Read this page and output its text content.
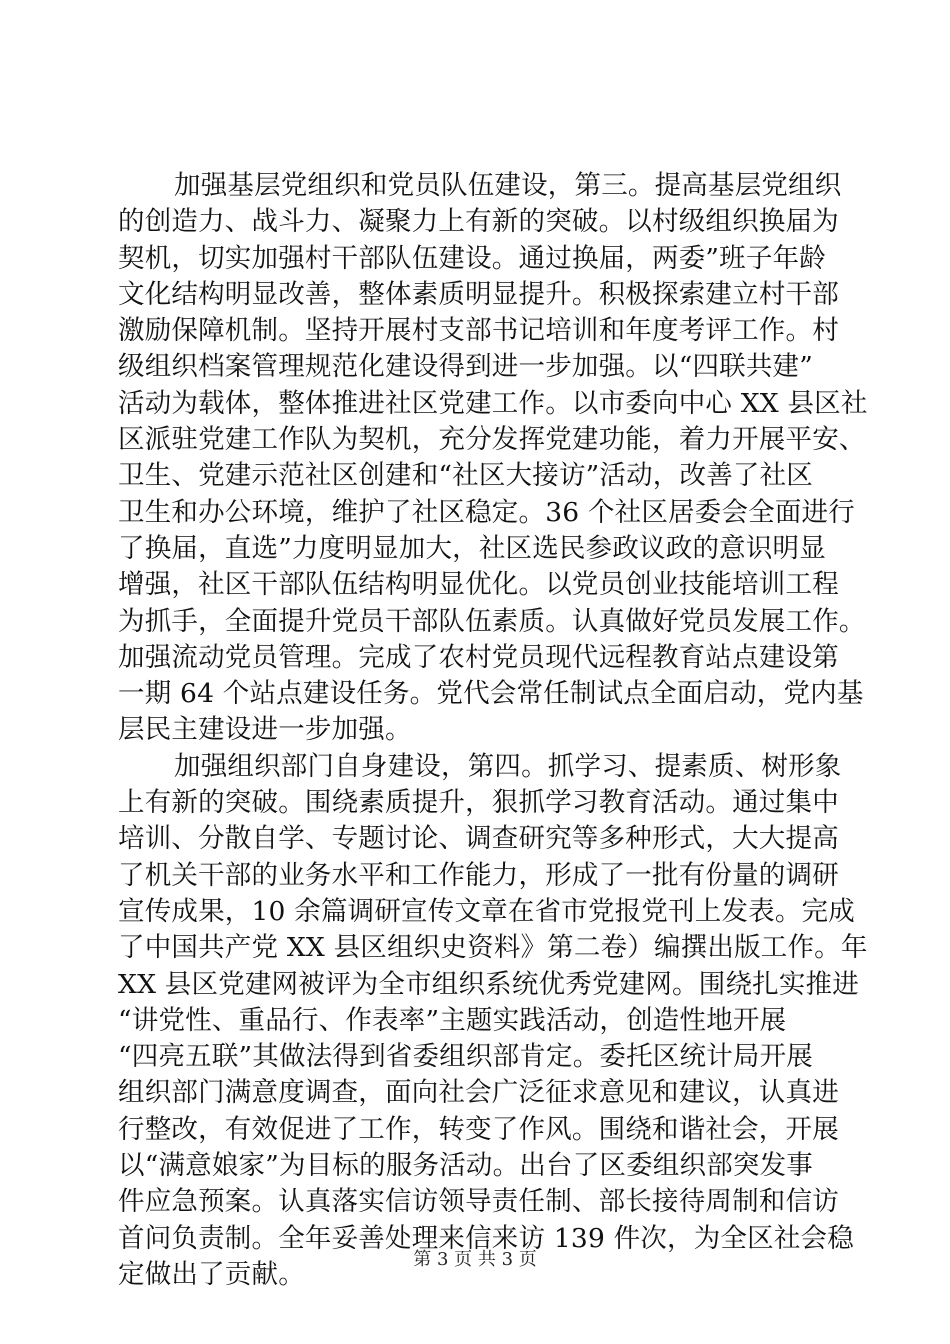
加强基层党组织和党员队伍建设，第三。提高基层党组织
的创造力、战斗力、凝聚力上有新的突破。以村级组织换届为
契机，切实加强村干部队伍建设。通过换届，两委”班子年龄
文化结构明显改善，整体素质明显提升。积极探索建立村干部
激励保障机制。坚持开展村支部书记培训和年度考评工作。村
级组织档案管理规范化建设得到进一步加强。以“四联共建”
活动为载体，整体推进社区党建工作。以市委向中心 XX 县区社
区派驻党建工作队为契机，充分发挥党建功能，着力开展平安、
卫生、党建示范社区创建和“社区大接访”活动，改善了社区
卫生和办公环境，维护了社区稳定。36 个社区居委会全面进行
了换届，直选”力度明显加大，社区选民参政议政的意识明显
增强，社区干部队伍结构明显优化。以党员创业技能培训工程
为抓手，全面提升党员干部队伍素质。认真做好党员发展工作。
加强流动党员管理。完成了农村党员现代远程教育站点建设第
一期 64 个站点建设任务。党代会常任制试点全面启动，党内基
层民主建设进一步加强。
加强组织部门自身建设，第四。抓学习、提素质、树形象
上有新的突破。围绕素质提升，狠抓学习教育活动。通过集中
培训、分散自学、专题讨论、调查研究等多种形式，大大提高
了机关干部的业务水平和工作能力，形成了一批有份量的调研
宣传成果，10 余篇调研宣传文章在省市党报党刊上发表。完成
了中国共产党 XX 县区组织史资料》第二卷）编撰出版工作。年
XX 县区党建网被评为全市组织系统优秀党建网。围绕扎实推进
“讲党性、重品行、作表率”主题实践活动，创造性地开展
“四亮五联”其做法得到省委组织部肯定。委托区统计局开展
组织部门满意度调查，面向社会广泛征求意见和建议，认真进
行整改，有效促进了工作，转变了作风。围绕和谐社会，开展
以“满意娘家”为目标的服务活动。出台了区委组织部突发事
件应急预案。认真落实信访领导责任制、部长接待周制和信访
首问负责制。全年妥善处理来信来访 139 件次，为全区社会稳
定做出了贡献。	第 3 页 共 3 页
